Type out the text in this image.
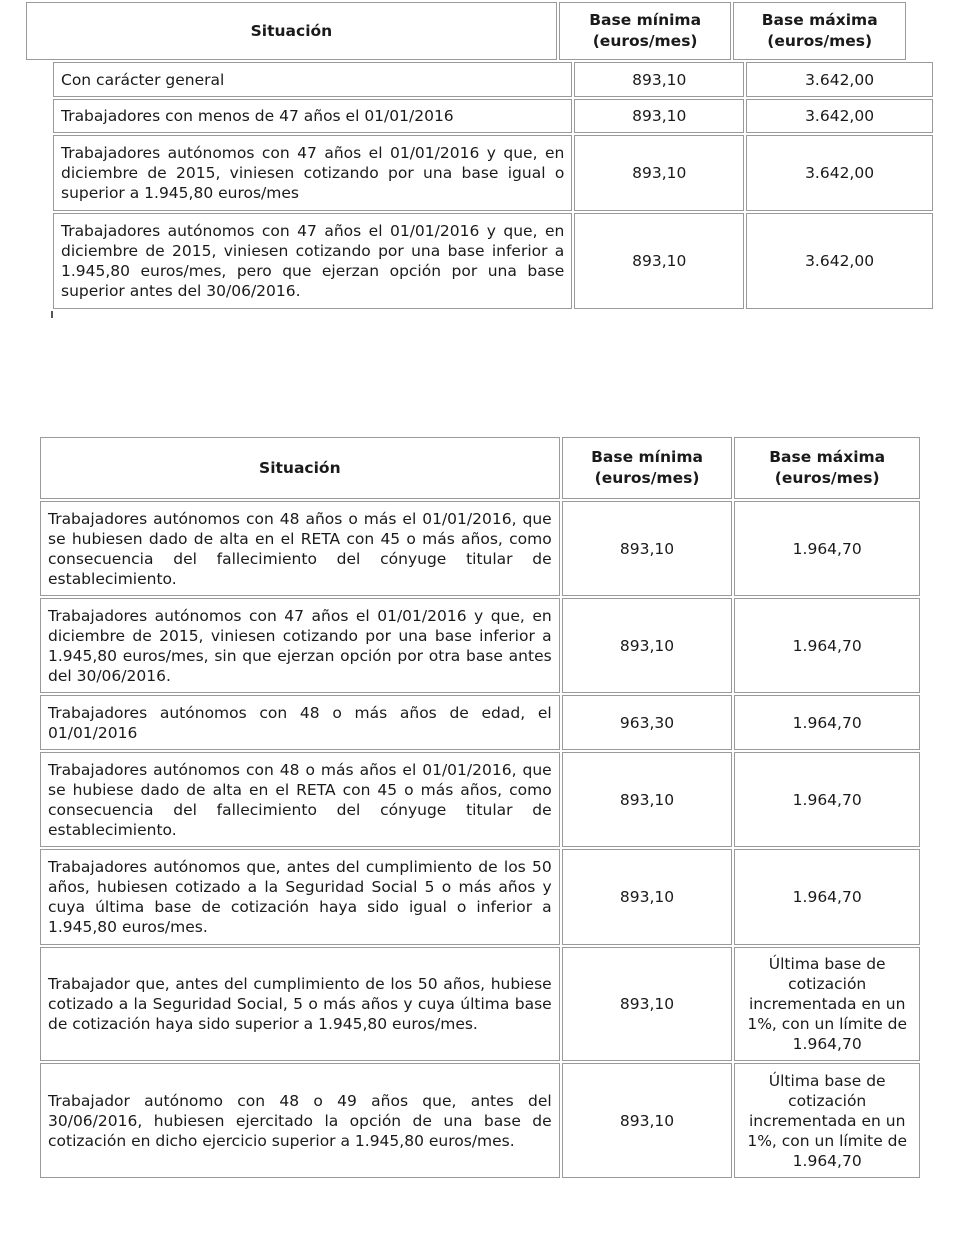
Situación	Base mínima (euros/mes)	Base máxima (euros/mes)
Con carácter general	893,10	3.642,00
Trabajadores con menos de 47 años el 01/01/2016	893,10	3.642,00
Trabajadores autónomos con 47 años el 01/01/2016 y que, en diciembre de 2015, viniesen cotizando por una base igual o superior a 1.945,80 euros/mes	893,10	3.642,00
Trabajadores autónomos con 47 años el 01/01/2016 y que, en diciembre de 2015, viniesen cotizando por una base inferior a 1.945,80 euros/mes, pero que ejerzan opción por una base superior antes del 30/06/2016.	893,10	3.642,00
Situación	Base mínima (euros/mes)	Base máxima (euros/mes)
Trabajadores autónomos con 48 años o más el 01/01/2016, que se hubiesen dado de alta en el RETA con 45 o más años, como consecuencia del fallecimiento del cónyuge titular de establecimiento.	893,10	1.964,70
Trabajadores autónomos con 47 años el 01/01/2016 y que, en diciembre de 2015, viniesen cotizando por una base inferior a 1.945,80 euros/mes, sin que ejerzan opción por otra base antes del 30/06/2016.	893,10	1.964,70
Trabajadores autónomos con 48 o más años de edad, el 01/01/2016	963,30	1.964,70
Trabajadores autónomos con 48 o más años el 01/01/2016, que se hubiese dado de alta en el RETA con 45 o más años, como consecuencia del fallecimiento del cónyuge titular de establecimiento.	893,10	1.964,70
Trabajadores autónomos que, antes del cumplimiento de los 50 años, hubiesen cotizado a la Seguridad Social 5 o más años y cuya última base de cotización haya sido igual o inferior a 1.945,80 euros/mes.	893,10	1.964,70
Trabajador que, antes del cumplimiento de los 50 años, hubiese cotizado a la Seguridad Social, 5 o más años y cuya última base de cotización haya sido superior a 1.945,80 euros/mes.	893,10	Última base de cotización incrementada en un 1%, con un límite de 1.964,70
Trabajador autónomo con 48 o 49 años que, antes del 30/06/2016, hubiesen ejercitado la opción de una base de cotización en dicho ejercicio superior a 1.945,80 euros/mes.	893,10	Última base de cotización incrementada en un 1%, con un límite de 1.964,70
